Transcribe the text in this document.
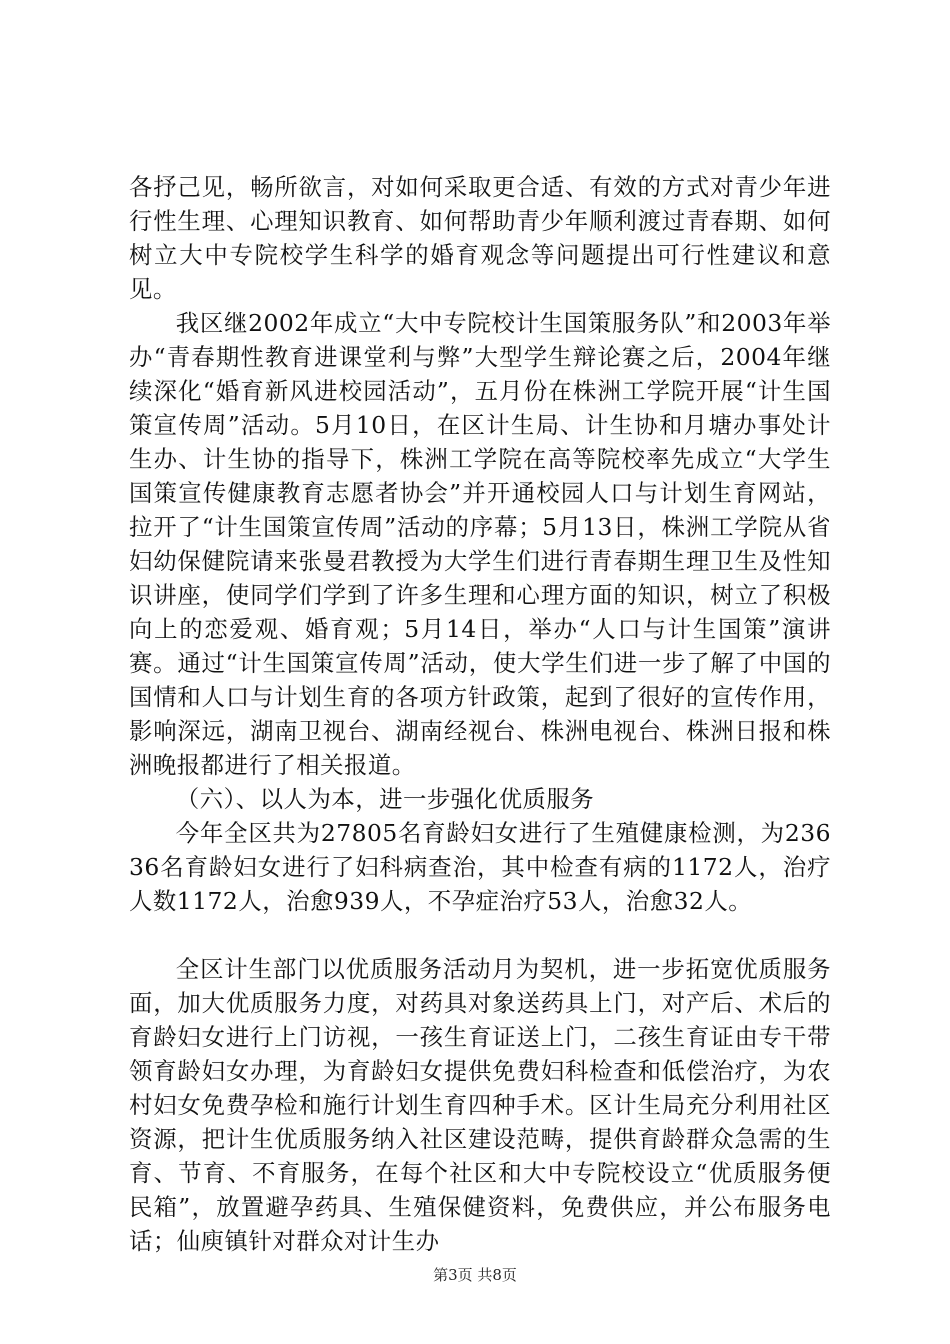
各抒己见，畅所欲言，对如何采取更合适、有效的方式对青少年进行性生理、心理知识教育、如何帮助青少年顺利渡过青春期、如何树立大中专院校学生科学的婚育观念等问题提出可行性建议和意见。

我区继2002年成立“大中专院校计生国策服务队”和2003年举办“青春期性教育进课堂利与弊”大型学生辩论赛之后，2004年继续深化“婚育新风进校园活动”，五月份在株洲工学院开展“计生国策宣传周”活动。5月10日，在区计生局、计生协和月塘办事处计生办、计生协的指导下，株洲工学院在高等院校率先成立“大学生国策宣传健康教育志愿者协会”并开通校园人口与计划生育网站，拉开了“计生国策宣传周”活动的序幕；5月13日，株洲工学院从省妇幼保健院请来张曼君教授为大学生们进行青春期生理卫生及性知识讲座，使同学们学到了许多生理和心理方面的知识，树立了积极向上的恋爱观、婚育观；5月14日，举办“人口与计生国策”演讲赛。通过“计生国策宣传周”活动，使大学生们进一步了解了中国的国情和人口与计划生育的各项方针政策，起到了很好的宣传作用，影响深远，湖南卫视台、湖南经视台、株洲电视台、株洲日报和株洲晚报都进行了相关报道。

（六）、以人为本，进一步强化优质服务

今年全区共为27805名育龄妇女进行了生殖健康检测，为23636名育龄妇女进行了妇科病查治，其中检查有病的1172人，治疗人数1172人，治愈939人，不孕症治疗53人，治愈32人。

全区计生部门以优质服务活动月为契机，进一步拓宽优质服务面，加大优质服务力度，对药具对象送药具上门，对产后、术后的育龄妇女进行上门访视，一孩生育证送上门，二孩生育证由专干带领育龄妇女办理，为育龄妇女提供免费妇科检查和低偿治疗，为农村妇女免费孕检和施行计划生育四种手术。区计生局充分利用社区资源，把计生优质服务纳入社区建设范畴，提供育龄群众急需的生育、节育、不育服务，在每个社区和大中专院校设立“优质服务便民箱”，放置避孕药具、生殖保健资料，免费供应，并公布服务电话；仙庾镇针对群众对计生办

第3页 共8页
